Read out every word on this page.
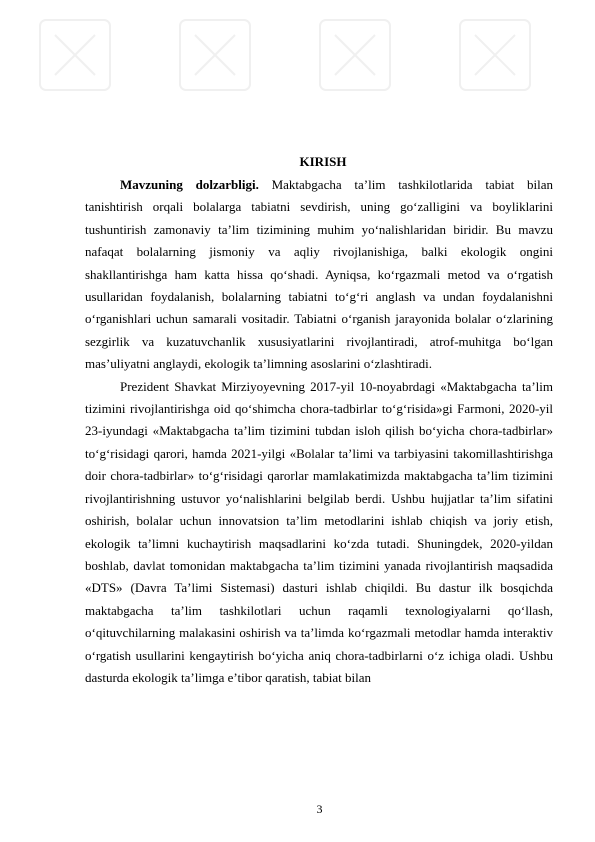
KIRISH

Mavzuning dolzarbligi. Maktabgacha ta’lim tashkilotlarida tabiat bilan tanishtirish orqali bolalarga tabiatni sevdirish, uning go‘zalligini va boyliklarini tushuntirish zamonaviy ta’lim tizimining muhim yo‘nalishlaridan biridir. Bu mavzu nafaqat bolalarning jismoniy va aqliy rivojlanishiga, balki ekologik ongini shakllantirishga ham katta hissa qo‘shadi. Ayniqsa, ko‘rgazmali metod va o‘rgatish usullaridan foydalanish, bolalarning tabiatni to‘g‘ri anglash va undan foydalanishni o‘rganishlari uchun samarali vositadir. Tabiatni o‘rganish jarayonida bolalar o‘zlarining sezgirlik va kuzatuvchanlik xususiyatlarini rivojlantiradi, atrof-muhitga bo‘lgan mas’uliyatni anglaydi, ekologik ta’limning asoslarini o‘zlashtiradi.

Prezident Shavkat Mirziyoyevning 2017-yil 10-noyabrdagi «Maktabgacha ta’lim tizimini rivojlantirishga oid qo‘shimcha chora-tadbirlar to‘g‘risida»gi Farmoni, 2020-yil 23-iyundagi «Maktabgacha ta’lim tizimini tubdan isloh qilish bo‘yicha chora-tadbirlar» to‘g‘risidagi qarori, hamda 2021-yilgi «Bolalar ta’limi va tarbiyasini takomillashtirishga doir chora-tadbirlar» to‘g‘risidagi qarorlar mamlakatimizda maktabgacha ta’lim tizimini rivojlantirishning ustuvor yo‘nalishlarini belgilab berdi. Ushbu hujjatlar ta’lim sifatini oshirish, bolalar uchun innovatsion ta’lim metodlarini ishlab chiqish va joriy etish, ekologik ta’limni kuchaytirish maqsadlarini ko‘zda tutadi. Shuningdek, 2020-yildan boshlab, davlat tomonidan maktabgacha ta’lim tizimini yanada rivojlantirish maqsadida «DTS» (Davra Ta’limi Sistemasi) dasturi ishlab chiqildi. Bu dastur ilk bosqichda maktabgacha ta’lim tashkilotlari uchun raqamli texnologiyalarni qo‘llash, o‘qituvchilarning malakasini oshirish va ta’limda ko‘rgazmali metodlar hamda interaktiv o‘rgatish usullarini kengaytirish bo‘yicha aniq chora-tadbirlarni o‘z ichiga oladi. Ushbu dasturda ekologik ta’limga e’tibor qaratish, tabiat bilan

3
